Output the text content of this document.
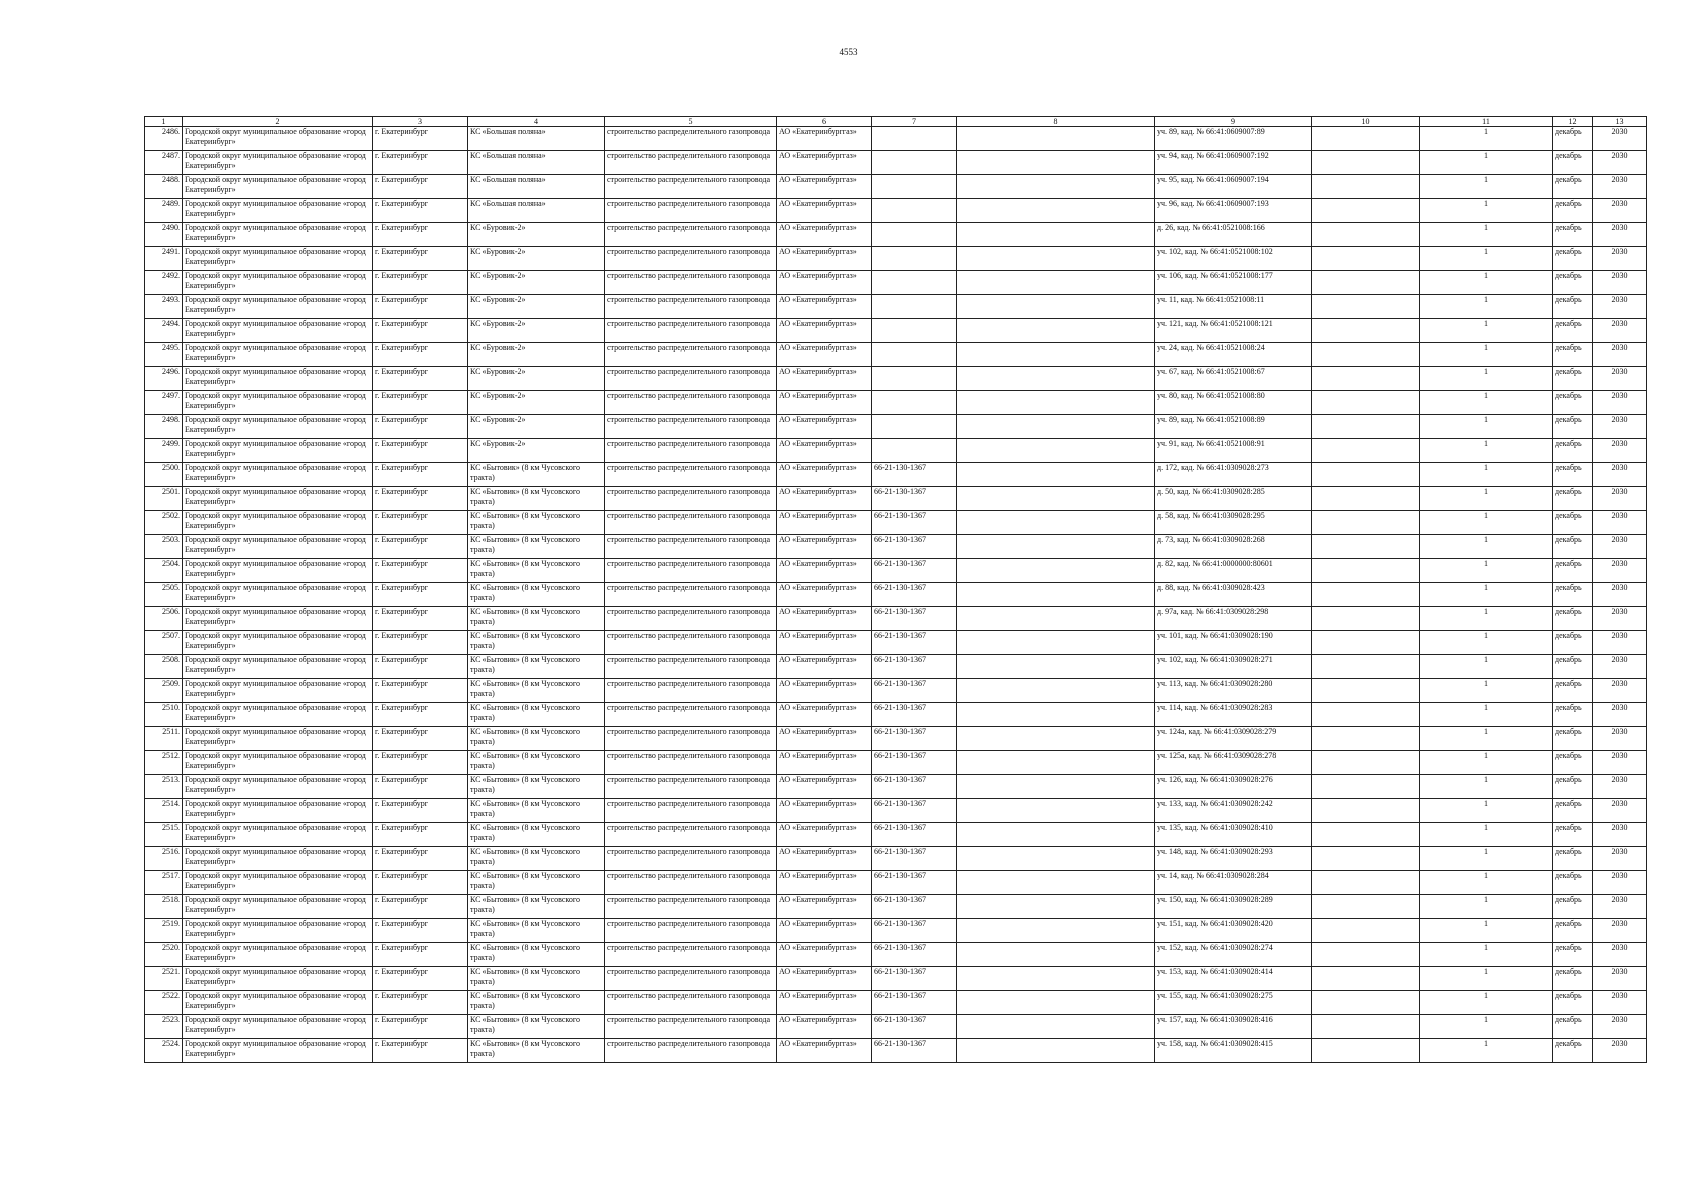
4553
1	2	3	4	5	6	7	8	9	10	11	12	13
2486.	Городской округ муниципальное образование «город Екатеринбург»	г. Екатеринбург	КС «Большая поляна»	строительство распределительного газопровода	АО «Екатеринбурггаз»			уч. 89, кад. № 66:41:0609007:89		1	декабрь	2030
2487.	Городской округ муниципальное образование «город Екатеринбург»	г. Екатеринбург	КС «Большая поляна»	строительство распределительного газопровода	АО «Екатеринбурггаз»			уч. 94, кад. № 66:41:0609007:192		1	декабрь	2030
2488.	Городской округ муниципальное образование «город Екатеринбург»	г. Екатеринбург	КС «Большая поляна»	строительство распределительного газопровода	АО «Екатеринбурггаз»			уч. 95, кад. № 66:41:0609007:194		1	декабрь	2030
2489.	Городской округ муниципальное образование «город Екатеринбург»	г. Екатеринбург	КС «Большая поляна»	строительство распределительного газопровода	АО «Екатеринбурггаз»			уч. 96, кад. № 66:41:0609007:193		1	декабрь	2030
2490.	Городской округ муниципальное образование «город Екатеринбург»	г. Екатеринбург	КС «Буровик-2»	строительство распределительного газопровода	АО «Екатеринбурггаз»			д. 26, кад. № 66:41:0521008:166		1	декабрь	2030
2491.	Городской округ муниципальное образование «город Екатеринбург»	г. Екатеринбург	КС «Буровик-2»	строительство распределительного газопровода	АО «Екатеринбурггаз»			уч. 102, кад. № 66:41:0521008:102		1	декабрь	2030
2492.	Городской округ муниципальное образование «город Екатеринбург»	г. Екатеринбург	КС «Буровик-2»	строительство распределительного газопровода	АО «Екатеринбурггаз»			уч. 106, кад. № 66:41:0521008:177		1	декабрь	2030
2493.	Городской округ муниципальное образование «город Екатеринбург»	г. Екатеринбург	КС «Буровик-2»	строительство распределительного газопровода	АО «Екатеринбурггаз»			уч. 11, кад. № 66:41:0521008:11		1	декабрь	2030
2494.	Городской округ муниципальное образование «город Екатеринбург»	г. Екатеринбург	КС «Буровик-2»	строительство распределительного газопровода	АО «Екатеринбурггаз»			уч. 121, кад. № 66:41:0521008:121		1	декабрь	2030
2495.	Городской округ муниципальное образование «город Екатеринбург»	г. Екатеринбург	КС «Буровик-2»	строительство распределительного газопровода	АО «Екатеринбурггаз»			уч. 24, кад. № 66:41:0521008:24		1	декабрь	2030
2496.	Городской округ муниципальное образование «город Екатеринбург»	г. Екатеринбург	КС «Буровик-2»	строительство распределительного газопровода	АО «Екатеринбурггаз»			уч. 67, кад. № 66:41:0521008:67		1	декабрь	2030
2497.	Городской округ муниципальное образование «город Екатеринбург»	г. Екатеринбург	КС «Буровик-2»	строительство распределительного газопровода	АО «Екатеринбурггаз»			уч. 80, кад. № 66:41:0521008:80		1	декабрь	2030
2498.	Городской округ муниципальное образование «город Екатеринбург»	г. Екатеринбург	КС «Буровик-2»	строительство распределительного газопровода	АО «Екатеринбурггаз»			уч. 89, кад. № 66:41:0521008:89		1	декабрь	2030
2499.	Городской округ муниципальное образование «город Екатеринбург»	г. Екатеринбург	КС «Буровик-2»	строительство распределительного газопровода	АО «Екатеринбурггаз»			уч. 91, кад. № 66:41:0521008:91		1	декабрь	2030
2500.	Городской округ муниципальное образование «город Екатеринбург»	г. Екатеринбург	КС «Бытовик» (8 км Чусовского тракта)	строительство распределительного газопровода	АО «Екатеринбурггаз»	66-21-130-1367		д. 172, кад. № 66:41:0309028:273		1	декабрь	2030
2501.	Городской округ муниципальное образование «город Екатеринбург»	г. Екатеринбург	КС «Бытовик» (8 км Чусовского тракта)	строительство распределительного газопровода	АО «Екатеринбурггаз»	66-21-130-1367		д. 50, кад. № 66:41:0309028:285		1	декабрь	2030
2502.	Городской округ муниципальное образование «город Екатеринбург»	г. Екатеринбург	КС «Бытовик» (8 км Чусовского тракта)	строительство распределительного газопровода	АО «Екатеринбурггаз»	66-21-130-1367		д. 58, кад. № 66:41:0309028:295		1	декабрь	2030
2503.	Городской округ муниципальное образование «город Екатеринбург»	г. Екатеринбург	КС «Бытовик» (8 км Чусовского тракта)	строительство распределительного газопровода	АО «Екатеринбурггаз»	66-21-130-1367		д. 73, кад. № 66:41:0309028:268		1	декабрь	2030
2504.	Городской округ муниципальное образование «город Екатеринбург»	г. Екатеринбург	КС «Бытовик» (8 км Чусовского тракта)	строительство распределительного газопровода	АО «Екатеринбурггаз»	66-21-130-1367		д. 82, кад. № 66:41:0000000:80601		1	декабрь	2030
2505.	Городской округ муниципальное образование «город Екатеринбург»	г. Екатеринбург	КС «Бытовик» (8 км Чусовского тракта)	строительство распределительного газопровода	АО «Екатеринбурггаз»	66-21-130-1367		д. 88, кад. № 66:41:0309028:423		1	декабрь	2030
2506.	Городской округ муниципальное образование «город Екатеринбург»	г. Екатеринбург	КС «Бытовик» (8 км Чусовского тракта)	строительство распределительного газопровода	АО «Екатеринбурггаз»	66-21-130-1367		д. 97а, кад. № 66:41:0309028:298		1	декабрь	2030
2507.	Городской округ муниципальное образование «город Екатеринбург»	г. Екатеринбург	КС «Бытовик» (8 км Чусовского тракта)	строительство распределительного газопровода	АО «Екатеринбурггаз»	66-21-130-1367		уч. 101, кад. № 66:41:0309028:190		1	декабрь	2030
2508.	Городской округ муниципальное образование «город Екатеринбург»	г. Екатеринбург	КС «Бытовик» (8 км Чусовского тракта)	строительство распределительного газопровода	АО «Екатеринбурггаз»	66-21-130-1367		уч. 102, кад. № 66:41:0309028:271		1	декабрь	2030
2509.	Городской округ муниципальное образование «город Екатеринбург»	г. Екатеринбург	КС «Бытовик» (8 км Чусовского тракта)	строительство распределительного газопровода	АО «Екатеринбурггаз»	66-21-130-1367		уч. 113, кад. № 66:41:0309028:280		1	декабрь	2030
2510.	Городской округ муниципальное образование «город Екатеринбург»	г. Екатеринбург	КС «Бытовик» (8 км Чусовского тракта)	строительство распределительного газопровода	АО «Екатеринбурггаз»	66-21-130-1367		уч. 114, кад. № 66:41:0309028:283		1	декабрь	2030
2511.	Городской округ муниципальное образование «город Екатеринбург»	г. Екатеринбург	КС «Бытовик» (8 км Чусовского тракта)	строительство распределительного газопровода	АО «Екатеринбурггаз»	66-21-130-1367		уч. 124а, кад. № 66:41:0309028:279		1	декабрь	2030
2512.	Городской округ муниципальное образование «город Екатеринбург»	г. Екатеринбург	КС «Бытовик» (8 км Чусовского тракта)	строительство распределительного газопровода	АО «Екатеринбурггаз»	66-21-130-1367		уч. 125а, кад. № 66:41:0309028:278		1	декабрь	2030
2513.	Городской округ муниципальное образование «город Екатеринбург»	г. Екатеринбург	КС «Бытовик» (8 км Чусовского тракта)	строительство распределительного газопровода	АО «Екатеринбурггаз»	66-21-130-1367		уч. 126, кад. № 66:41:0309028:276		1	декабрь	2030
2514.	Городской округ муниципальное образование «город Екатеринбург»	г. Екатеринбург	КС «Бытовик» (8 км Чусовского тракта)	строительство распределительного газопровода	АО «Екатеринбурггаз»	66-21-130-1367		уч. 133, кад. № 66:41:0309028:242		1	декабрь	2030
2515.	Городской округ муниципальное образование «город Екатеринбург»	г. Екатеринбург	КС «Бытовик» (8 км Чусовского тракта)	строительство распределительного газопровода	АО «Екатеринбурггаз»	66-21-130-1367		уч. 135, кад. № 66:41:0309028:410		1	декабрь	2030
2516.	Городской округ муниципальное образование «город Екатеринбург»	г. Екатеринбург	КС «Бытовик» (8 км Чусовского тракта)	строительство распределительного газопровода	АО «Екатеринбурггаз»	66-21-130-1367		уч. 148, кад. № 66:41:0309028:293		1	декабрь	2030
2517.	Городской округ муниципальное образование «город Екатеринбург»	г. Екатеринбург	КС «Бытовик» (8 км Чусовского тракта)	строительство распределительного газопровода	АО «Екатеринбурггаз»	66-21-130-1367		уч. 14, кад. № 66:41:0309028:284		1	декабрь	2030
2518.	Городской округ муниципальное образование «город Екатеринбург»	г. Екатеринбург	КС «Бытовик» (8 км Чусовского тракта)	строительство распределительного газопровода	АО «Екатеринбурггаз»	66-21-130-1367		уч. 150, кад. № 66:41:0309028:289		1	декабрь	2030
2519.	Городской округ муниципальное образование «город Екатеринбург»	г. Екатеринбург	КС «Бытовик» (8 км Чусовского тракта)	строительство распределительного газопровода	АО «Екатеринбурггаз»	66-21-130-1367		уч. 151, кад. № 66:41:0309028:420		1	декабрь	2030
2520.	Городской округ муниципальное образование «город Екатеринбург»	г. Екатеринбург	КС «Бытовик» (8 км Чусовского тракта)	строительство распределительного газопровода	АО «Екатеринбурггаз»	66-21-130-1367		уч. 152, кад. № 66:41:0309028:274		1	декабрь	2030
2521.	Городской округ муниципальное образование «город Екатеринбург»	г. Екатеринбург	КС «Бытовик» (8 км Чусовского тракта)	строительство распределительного газопровода	АО «Екатеринбурггаз»	66-21-130-1367		уч. 153, кад. № 66:41:0309028:414		1	декабрь	2030
2522.	Городской округ муниципальное образование «город Екатеринбург»	г. Екатеринбург	КС «Бытовик» (8 км Чусовского тракта)	строительство распределительного газопровода	АО «Екатеринбурггаз»	66-21-130-1367		уч. 155, кад. № 66:41:0309028:275		1	декабрь	2030
2523.	Городской округ муниципальное образование «город Екатеринбург»	г. Екатеринбург	КС «Бытовик» (8 км Чусовского тракта)	строительство распределительного газопровода	АО «Екатеринбурггаз»	66-21-130-1367		уч. 157, кад. № 66:41:0309028:416		1	декабрь	2030
2524.	Городской округ муниципальное образование «город Екатеринбург»	г. Екатеринбург	КС «Бытовик» (8 км Чусовского тракта)	строительство распределительного газопровода	АО «Екатеринбурггаз»	66-21-130-1367		уч. 158, кад. № 66:41:0309028:415		1	декабрь	2030
